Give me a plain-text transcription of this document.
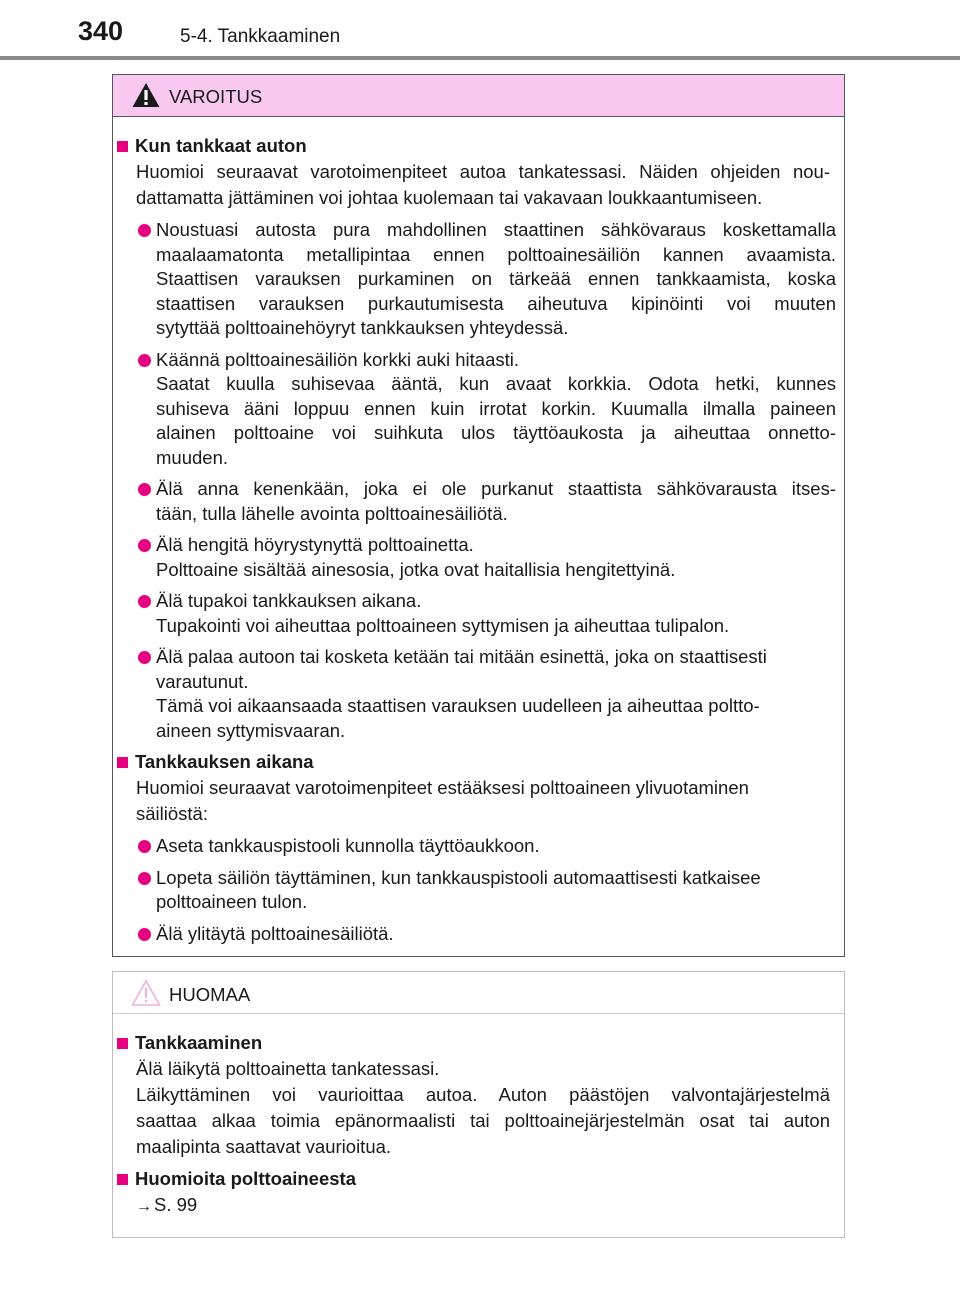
340	5-4. Tankkaaminen
VAROITUS
Kun tankkaat auton
Huomioi seuraavat varotoimenpiteet autoa tankatessasi. Näiden ohjeiden nou-
dattamatta jättäminen voi johtaa kuolemaan tai vakavaan loukkaantumiseen.
Noustuasi autosta pura mahdollinen staattinen sähkövaraus koskettamalla
maalaamatonta metallipintaa ennen polttoainesäiliön kannen avaamista.
Staattisen varauksen purkaminen on tärkeää ennen tankkaamista, koska
staattisen varauksen purkautumisesta aiheutuva kipinöinti voi muuten
sytyttää polttoainehöyryt tankkauksen yhteydessä.
Käännä polttoainesäiliön korkki auki hitaasti.
Saatat kuulla suhisevaa ääntä, kun avaat korkkia. Odota hetki, kunnes
suhiseva ääni loppuu ennen kuin irrotat korkin. Kuumalla ilmalla paineen
alainen polttoaine voi suihkuta ulos täyttöaukosta ja aiheuttaa onnetto-
muuden.
Älä anna kenenkään, joka ei ole purkanut staattista sähkövarausta itses-
tään, tulla lähelle avointa polttoainesäiliötä.
Älä hengitä höyrystynyttä polttoainetta.
Polttoaine sisältää ainesosia, jotka ovat haitallisia hengitettyinä.
Älä tupakoi tankkauksen aikana.
Tupakointi voi aiheuttaa polttoaineen syttymisen ja aiheuttaa tulipalon.
Älä palaa autoon tai kosketa ketään tai mitään esinettä, joka on staattisesti
varautunut.
Tämä voi aikaansaada staattisen varauksen uudelleen ja aiheuttaa poltto-
aineen syttymisvaaran.
Tankkauksen aikana
Huomioi seuraavat varotoimenpiteet estääksesi polttoaineen ylivuotaminen
säiliöstä:
Aseta tankkauspistooli kunnolla täyttöaukkoon.
Lopeta säiliön täyttäminen, kun tankkauspistooli automaattisesti katkaisee
polttoaineen tulon.
Älä ylitäytä polttoainesäiliötä.
HUOMAA
Tankkaaminen
Älä läikytä polttoainetta tankatessasi.
Läikyttäminen voi vaurioittaa autoa. Auton päästöjen valvontajärjestelmä
saattaa alkaa toimia epänormaalisti tai polttoainejärjestelmän osat tai auton
maalipinta saattavat vaurioitua.
Huomioita polttoaineesta
→ S. 99
